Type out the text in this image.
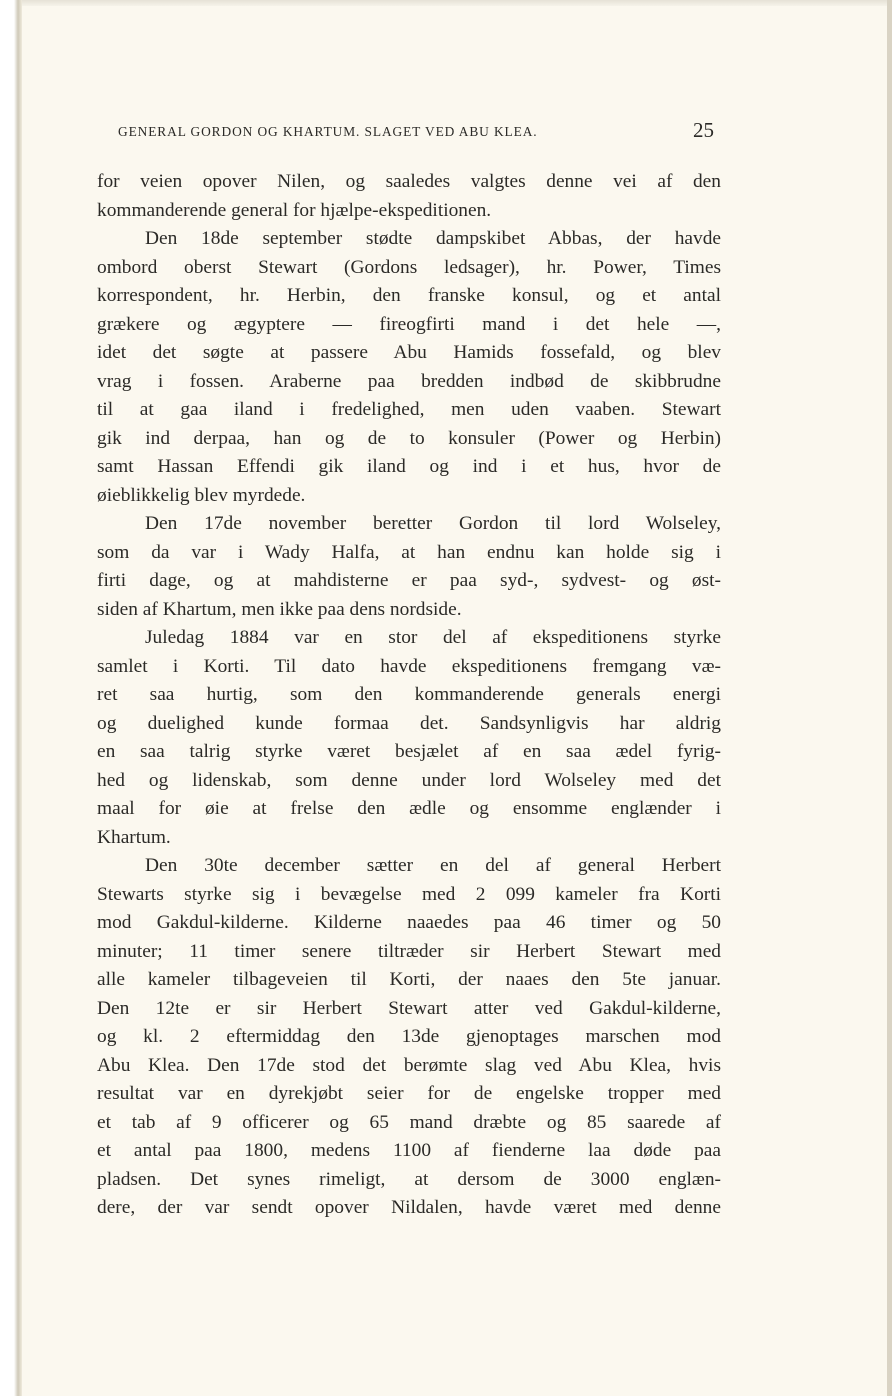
GENERAL GORDON OG KHARTUM. SLAGET VED ABU KLEA.	25
for veien opover Nilen, og saaledes valgtes denne vei af den
kommanderende general for hjælpe-ekspeditionen.
Den 18de september stødte dampskibet Abbas, der havde
ombord oberst Stewart (Gordons ledsager), hr. Power, Times
korrespondent, hr. Herbin, den franske konsul, og et antal
grækere og ægyptere — fireogfirti mand i det hele —,
idet det søgte at passere Abu Hamids fossefald, og blev
vrag i fossen. Araberne paa bredden indbød de skibbrudne
til at gaa iland i fredelighed, men uden vaaben. Stewart
gik ind derpaa, han og de to konsuler (Power og Herbin)
samt Hassan Effendi gik iland og ind i et hus, hvor de
øieblikkelig blev myrdede.
Den 17de november beretter Gordon til lord Wolseley,
som da var i Wady Halfa, at han endnu kan holde sig i
firti dage, og at mahdisterne er paa syd-, sydvest- og øst-
siden af Khartum, men ikke paa dens nordside.
Juledag 1884 var en stor del af ekspeditionens styrke
samlet i Korti. Til dato havde ekspeditionens fremgang væ-
ret saa hurtig, som den kommanderende generals energi
og duelighed kunde formaa det. Sandsynligvis har aldrig
en saa talrig styrke været besjælet af en saa ædel fyrig-
hed og lidenskab, som denne under lord Wolseley med det
maal for øie at frelse den ædle og ensomme englænder i
Khartum.
Den 30te december sætter en del af general Herbert
Stewarts styrke sig i bevægelse med 2 099 kameler fra Korti
mod Gakdul-kilderne. Kilderne naaedes paa 46 timer og 50
minuter; 11 timer senere tiltræder sir Herbert Stewart med
alle kameler tilbageveien til Korti, der naaes den 5te januar.
Den 12te er sir Herbert Stewart atter ved Gakdul-kilderne,
og kl. 2 eftermiddag den 13de gjenoptages marschen mod
Abu Klea. Den 17de stod det berømte slag ved Abu Klea, hvis
resultat var en dyrekjøbt seier for de engelske tropper med
et tab af 9 officerer og 65 mand dræbte og 85 saarede af
et antal paa 1800, medens 1100 af fienderne laa døde paa
pladsen. Det synes rimeligt, at dersom de 3000 englæn-
dere, der var sendt opover Nildalen, havde været med denne
